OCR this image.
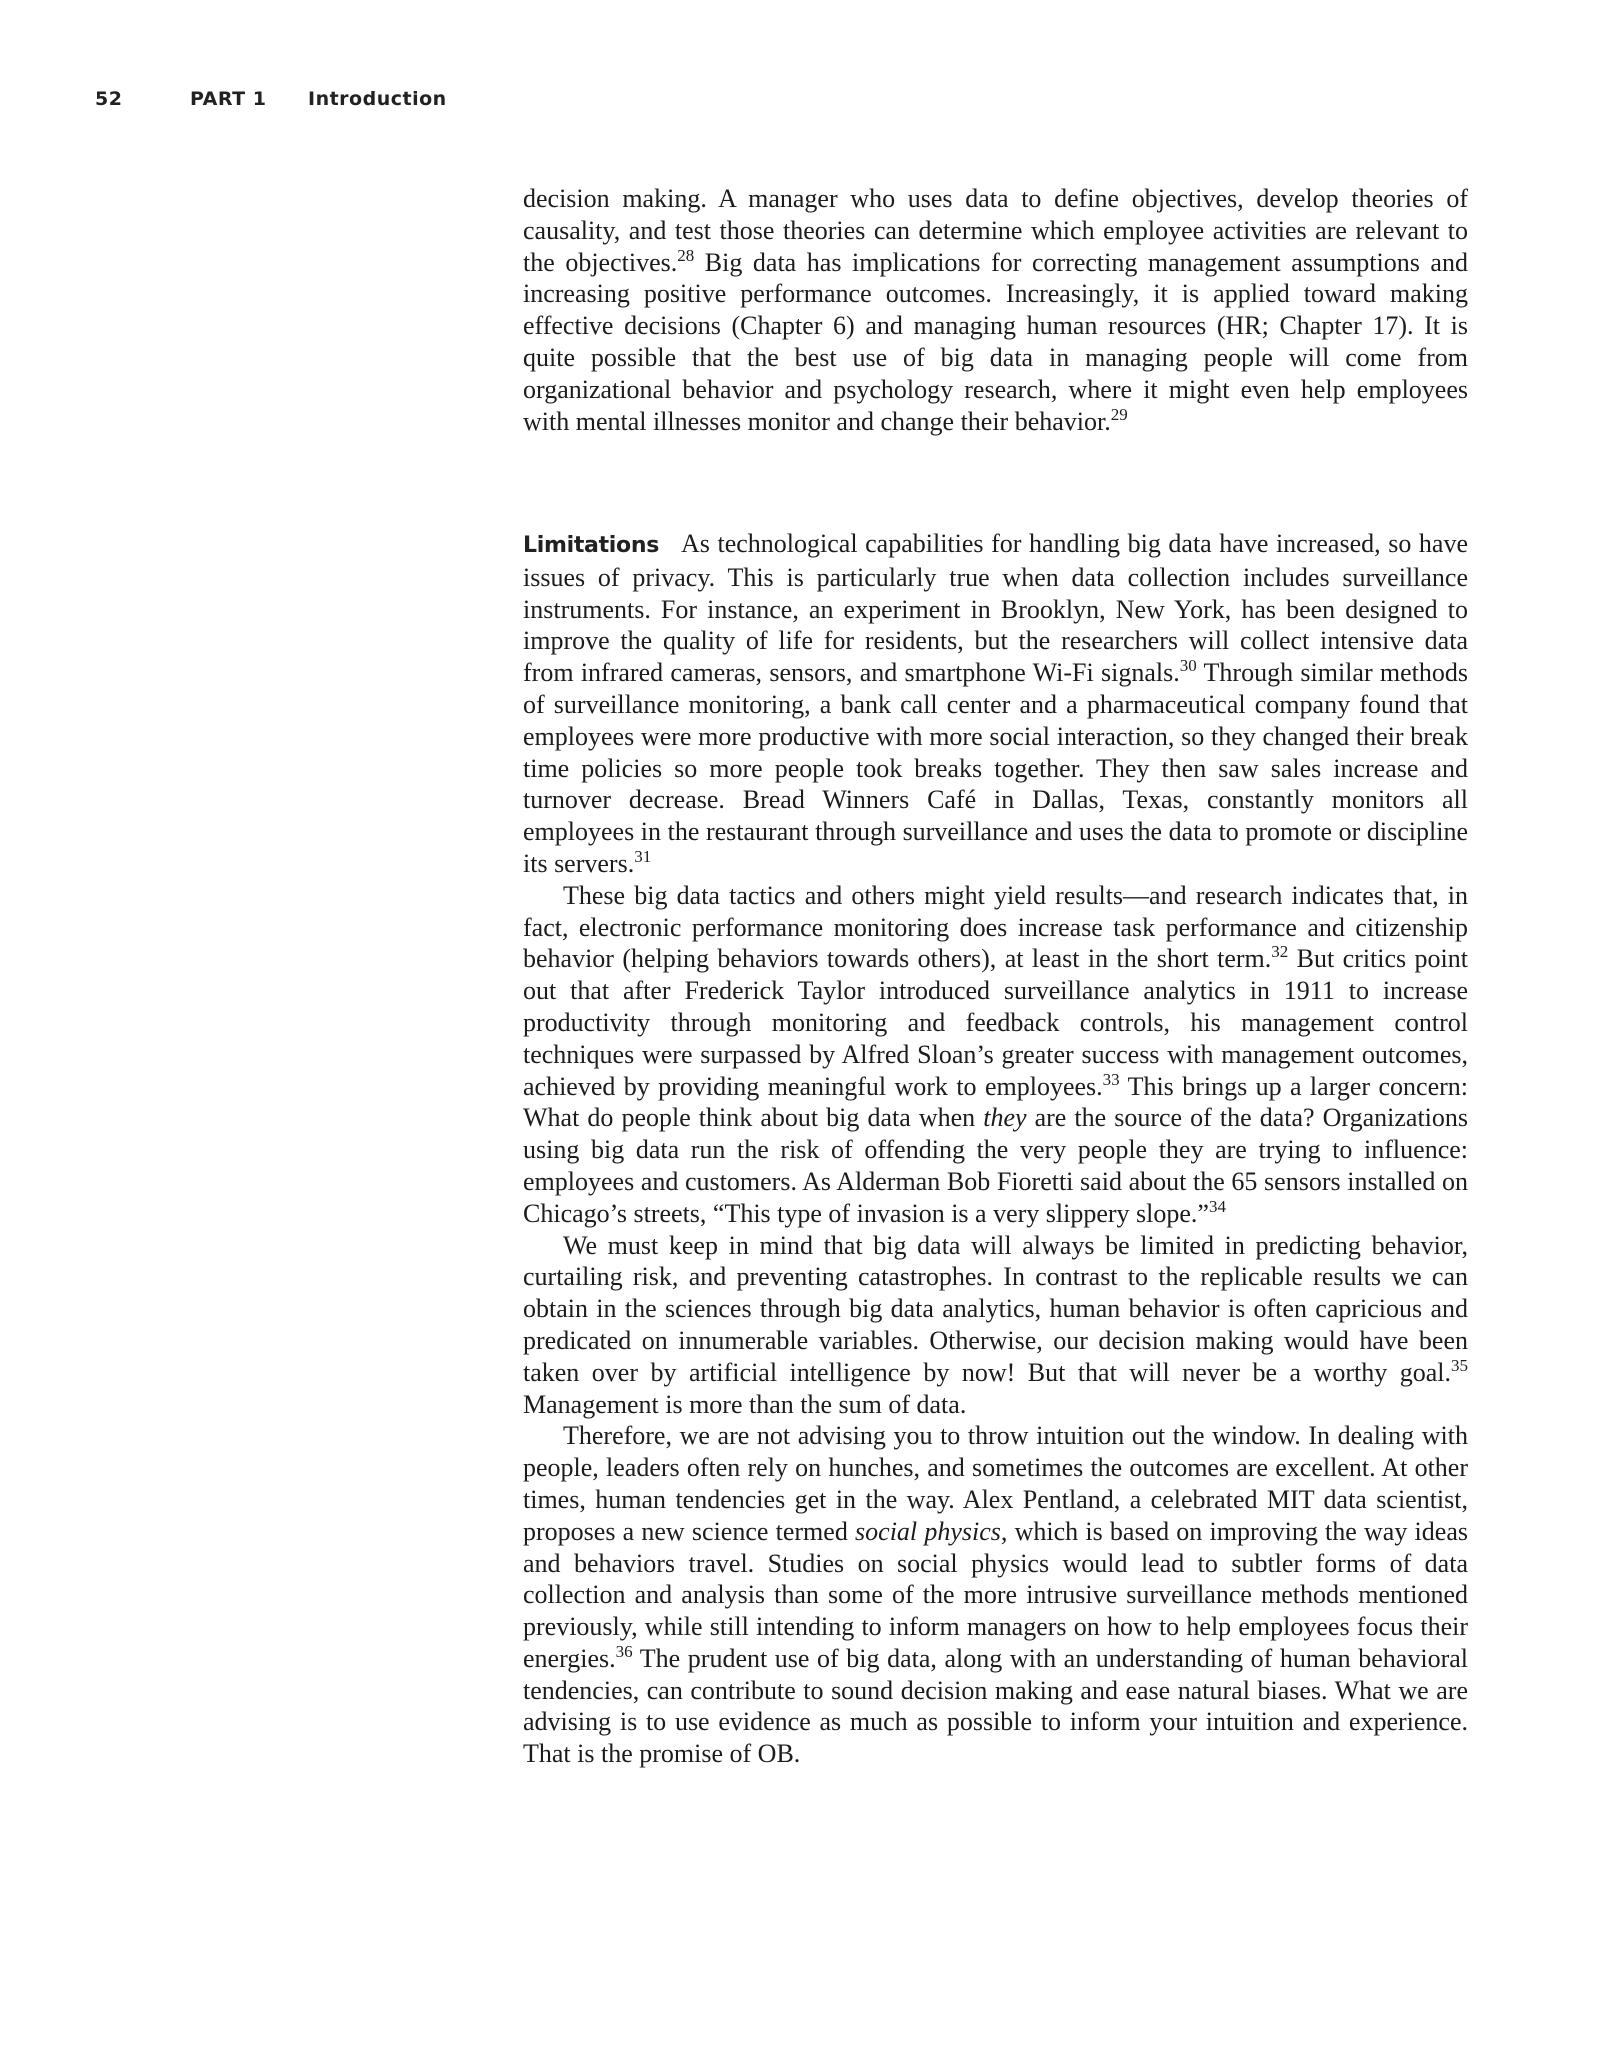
52	PART 1 Introduction

decision making. A manager who uses data to define objectives, develop theories of causality, and test those theories can determine which employee activities are relevant to the objectives.$^{28}$ Big data has implications for correcting management assumptions and increasing positive performance outcomes. Increasingly, it is applied toward making effective decisions (Chapter 6) and managing human resources (HR; Chapter 17). It is quite possible that the best use of big data in managing people will come from organizational behavior and psychology research, where it might even help employees with mental illnesses monitor and change their behavior.$^{29}$

Limitations As technological capabilities for handling big data have increased, so have issues of privacy. This is particularly true when data collection includes surveillance instruments. For instance, an experiment in Brooklyn, New York, has been designed to improve the quality of life for residents, but the researchers will collect intensive data from infrared cameras, sensors, and smartphone Wi-Fi signals.$^{30}$ Through similar methods of surveillance monitoring, a bank call center and a pharmaceutical company found that employees were more productive with more social interaction, so they changed their break time policies so more people took breaks together. They then saw sales increase and turnover decrease. Bread Winners Café in Dallas, Texas, constantly monitors all employees in the restaurant through surveillance and uses the data to promote or discipline its servers.$^{31}$

These big data tactics and others might yield results—and research indicates that, in fact, electronic performance monitoring does increase task performance and citizenship behavior (helping behaviors towards others), at least in the short term.$^{32}$ But critics point out that after Frederick Taylor introduced surveillance analytics in 1911 to increase productivity through monitoring and feedback controls, his management control techniques were surpassed by Alfred Sloan’s greater success with management outcomes, achieved by providing meaningful work to employees.$^{33}$ This brings up a larger concern: What do people think about big data when they are the source of the data? Organizations using big data run the risk of offending the very people they are trying to influence: employees and customers. As Alderman Bob Fioretti said about the 65 sensors installed on Chicago’s streets, “This type of invasion is a very slippery slope.”$^{34}$

We must keep in mind that big data will always be limited in predicting behavior, curtailing risk, and preventing catastrophes. In contrast to the replicable results we can obtain in the sciences through big data analytics, human behavior is often capricious and predicated on innumerable variables. Otherwise, our decision making would have been taken over by artificial intelligence by now! But that will never be a worthy goal.$^{35}$ Management is more than the sum of data.

Therefore, we are not advising you to throw intuition out the window. In dealing with people, leaders often rely on hunches, and sometimes the outcomes are excellent. At other times, human tendencies get in the way. Alex Pentland, a celebrated MIT data scientist, proposes a new science termed social physics, which is based on improving the way ideas and behaviors travel. Studies on social physics would lead to subtler forms of data collection and analysis than some of the more intrusive surveillance methods mentioned previously, while still intending to inform managers on how to help employees focus their energies.$^{36}$ The prudent use of big data, along with an understanding of human behavioral tendencies, can contribute to sound decision making and ease natural biases. What we are advising is to use evidence as much as possible to inform your intuition and experience. That is the promise of OB.
